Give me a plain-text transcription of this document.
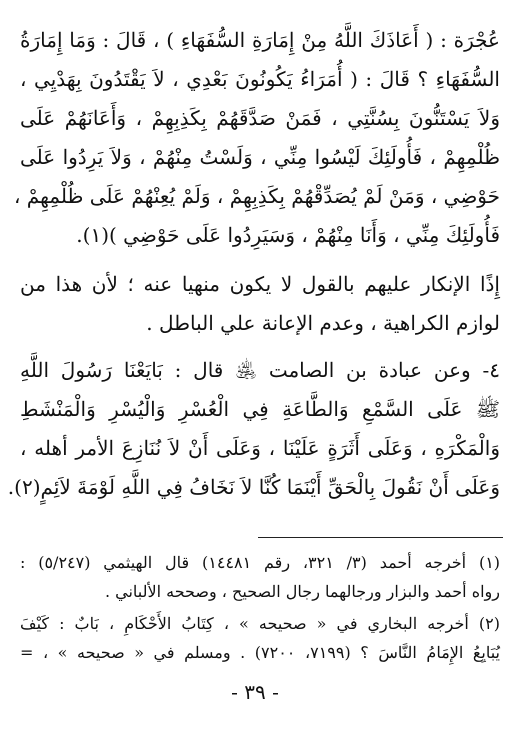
عُجْرَة : ( أَعَاذَكَ اللَّهُ مِنْ إِمَارَةِ السُّفَهَاءِ ) ، قَالَ : وَمَا إِمَارَةُ
السُّفَهَاءِ ؟ قَالَ : ( أُمَرَاءُ يَكُونُونَ بَعْدِي ، لاَ يَقْتَدُونَ بِهَدْيِي ،
وَلاَ يَسْتَنُّونَ بِسُنَّتِي ، فَمَنْ صَدَّقَهُمْ بِكَذِبِهِمْ ، وَأَعَانَهُمْ عَلَى
ظُلْمِهِمْ ، فَأُولَئِكَ لَيْسُوا مِنِّي ، وَلَسْتُ مِنْهُمْ ، وَلاَ يَرِدُوا عَلَى
حَوْضِي ، وَمَنْ لَمْ يُصَدِّقْهُمْ بِكَذِبِهِمْ ، وَلَمْ يُعِنْهُمْ عَلَى ظُلْمِهِمْ ،
فَأُولَئِكَ مِنِّي ، وَأَنَا مِنْهُمْ ، وَسَيَرِدُوا عَلَى حَوْضِي )(١).
إِذًا الإنكار عليهم بالقول لا يكون منهيا عنه ؛ لأن هذا من
لوازم الكراهية ، وعدم الإعانة علي الباطل .
٤- وعن عبادة بن الصامت ﵁ قال : بَايَعْنَا رَسُولَ اللَّهِ
ﷺ عَلَى السَّمْعِ وَالطَّاعَةِ فِي الْعُسْرِ وَالْيُسْرِ وَالْمَنْشَطِ
وَالْمَكْرَهِ ، وَعَلَى أَثَرَةٍ عَلَيْنَا ، وَعَلَى أَنْ لاَ نُنَازِعَ الأمر أهله ،
وَعَلَى أَنْ نَقُولَ بِالْحَقِّ أَيْنَمَا كُنَّا لاَ نَخَافُ فِي اللَّهِ لَوْمَةَ لاَئِمٍ(٢).
(١) أخرجه أحمد (٣/ ٣٢١، رقم ١٤٤٨١) قال الهيثمي (٥/٢٤٧) :
رواه أحمد والبزار ورجالهما رجال الصحيح ، وصححه الألباني .
(٢) أخرجه البخاري في « صحيحه » ، كِتَابُ الأَحْكَامِ ، بَابٌ : كَيْفَ
يُبَايِعُ الإِمَامُ النَّاسَ ؟ (٧١٩٩، ٧٢٠٠) . ومسلم في « صحيحه » ، =
- ٣٩ -
